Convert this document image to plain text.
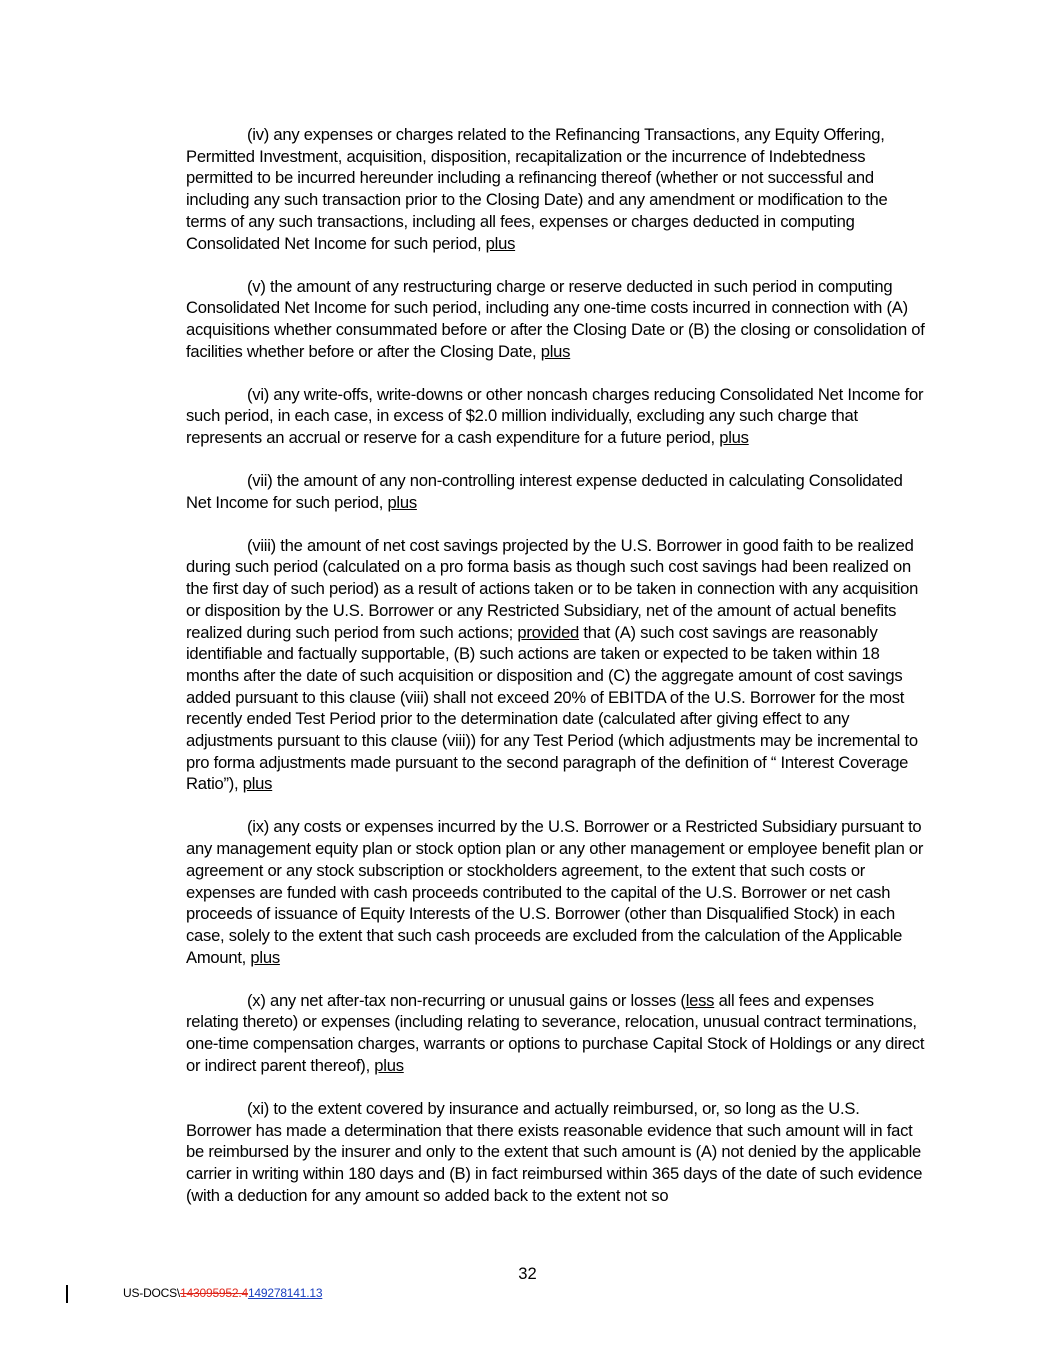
(iv) any expenses or charges related to the Refinancing Transactions, any Equity Offering, Permitted Investment, acquisition, disposition, recapitalization or the incurrence of Indebtedness permitted to be incurred hereunder including a refinancing thereof (whether or not successful and including any such transaction prior to the Closing Date) and any amendment or modification to the terms of any such transactions, including all fees, expenses or charges deducted in computing Consolidated Net Income for such period, plus

(v) the amount of any restructuring charge or reserve deducted in such period in computing Consolidated Net Income for such period, including any one-time costs incurred in connection with (A) acquisitions whether consummated before or after the Closing Date or (B) the closing or consolidation of facilities whether before or after the Closing Date, plus

(vi) any write-offs, write-downs or other noncash charges reducing Consolidated Net Income for such period, in each case, in excess of $2.0 million individually, excluding any such charge that represents an accrual or reserve for a cash expenditure for a future period, plus

(vii) the amount of any non-controlling interest expense deducted in calculating Consolidated Net Income for such period, plus

(viii) the amount of net cost savings projected by the U.S. Borrower in good faith to be realized during such period (calculated on a pro forma basis as though such cost savings had been realized on the first day of such period) as a result of actions taken or to be taken in connection with any acquisition or disposition by the U.S. Borrower or any Restricted Subsidiary, net of the amount of actual benefits realized during such period from such actions; provided that (A) such cost savings are reasonably identifiable and factually supportable, (B) such actions are taken or expected to be taken within 18 months after the date of such acquisition or disposition and (C) the aggregate amount of cost savings added pursuant to this clause (viii) shall not exceed 20% of EBITDA of the U.S. Borrower for the most recently ended Test Period prior to the determination date (calculated after giving effect to any adjustments pursuant to this clause (viii)) for any Test Period (which adjustments may be incremental to pro forma adjustments made pursuant to the second paragraph of the definition of “ Interest Coverage Ratio”), plus

(ix) any costs or expenses incurred by the U.S. Borrower or a Restricted Subsidiary pursuant to any management equity plan or stock option plan or any other management or employee benefit plan or agreement or any stock subscription or stockholders agreement, to the extent that such costs or expenses are funded with cash proceeds contributed to the capital of the U.S. Borrower or net cash proceeds of issuance of Equity Interests of the U.S. Borrower (other than Disqualified Stock) in each case, solely to the extent that such cash proceeds are excluded from the calculation of the Applicable Amount, plus

(x) any net after-tax non-recurring or unusual gains or losses (less all fees and expenses relating thereto) or expenses (including relating to severance, relocation, unusual contract terminations, one-time compensation charges, warrants or options to purchase Capital Stock of Holdings or any direct or indirect parent thereof), plus

(xi) to the extent covered by insurance and actually reimbursed, or, so long as the U.S. Borrower has made a determination that there exists reasonable evidence that such amount will in fact be reimbursed by the insurer and only to the extent that such amount is (A) not denied by the applicable carrier in writing within 180 days and (B) in fact reimbursed within 365 days of the date of such evidence (with a deduction for any amount so added back to the extent not so

32
US-DOCS\143095952.4149278141.13
